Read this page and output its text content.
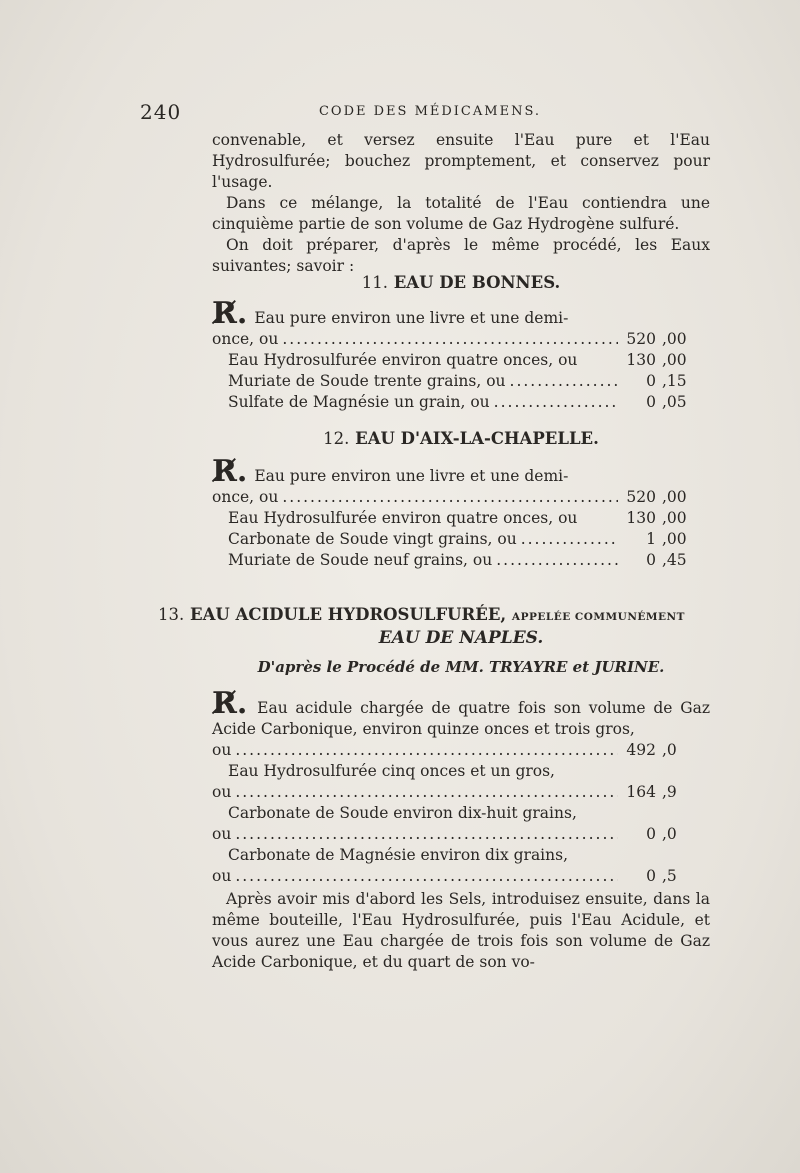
240	CODE DES MÉDICAMENS.
convenable, et versez ensuite l'Eau pure et l'Eau Hydrosulfurée; bouchez promptement, et conservez pour l'usage.
Dans ce mélange, la totalité de l'Eau contiendra une cinquième partie de son volume de Gaz Hydrogène sulfuré.
On doit préparer, d'après le même procédé, les Eaux suivantes; savoir :
11. EAU DE BONNES.
R̸. Eau pure environ une livre et une demi-
once, ou .....	520 ,00
Eau Hydrosulfurée environ quatre onces, ou	130 ,00
Muriate de Soude trente grains, ou .....	0 ,15
Sulfate de Magnésie un grain, ou .....	0 ,05
12. EAU D'AIX-LA-CHAPELLE.
R̸. Eau pure environ une livre et une demi-
once, ou .....	520 ,00
Eau Hydrosulfurée environ quatre onces, ou	130 ,00
Carbonate de Soude vingt grains, ou .....	1 ,00
Muriate de Soude neuf grains, ou .....	0 ,45
13. EAU ACIDULE HYDROSULFURÉE, APPELÉE COMMUNÉMENT
EAU DE NAPLES.
D'après le Procédé de MM. TRYAYRE et JURINE.
R̸. Eau acidule chargée de quatre fois son volume de Gaz Acide Carbonique, environ quinze onces et trois gros,
ou .....	492 ,0
Eau Hydrosulfurée cinq onces et un gros,
ou .....	164 ,9
Carbonate de Soude environ dix-huit grains,
ou .....	0 ,0
Carbonate de Magnésie environ dix grains,
ou .....	0 ,5
Après avoir mis d'abord les Sels, introduisez ensuite, dans la même bouteille, l'Eau Hydrosulfurée, puis l'Eau Acidule, et vous aurez une Eau chargée de trois fois son volume de Gaz Acide Carbonique, et du quart de son vo-
